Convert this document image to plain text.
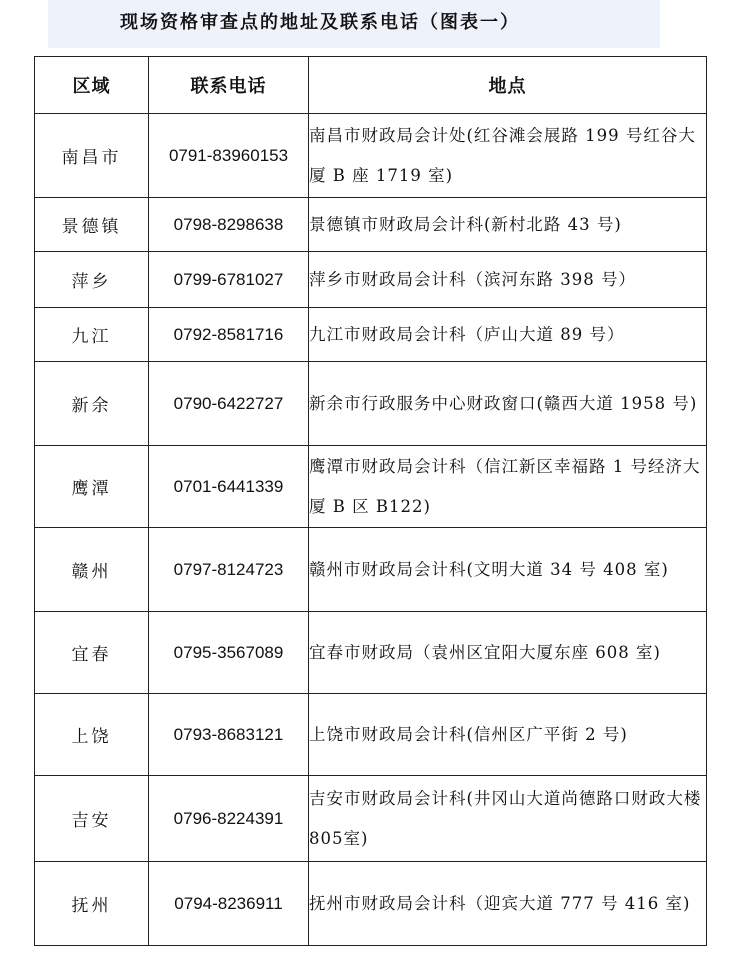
现场资格审查点的地址及联系电话（图表一）
区域	联系电话	地点
南昌市	0791-83960153	南昌市财政局会计处(红谷滩会展路 199 号红谷大厦 B 座 1719 室)
景德镇	0798-8298638	景德镇市财政局会计科(新村北路 43 号)
萍乡	0799-6781027	萍乡市财政局会计科（滨河东路 398 号）
九江	0792-8581716	九江市财政局会计科（庐山大道 89 号）
新余	0790-6422727	新余市行政服务中心财政窗口(赣西大道 1958 号)
鹰潭	0701-6441339	鹰潭市财政局会计科（信江新区幸福路 1 号经济大厦 B 区 B122)
赣州	0797-8124723	赣州市财政局会计科(文明大道 34 号 408 室)
宜春	0795-3567089	宜春市财政局（袁州区宜阳大厦东座 608 室)
上饶	0793-8683121	上饶市财政局会计科(信州区广平街 2 号)
吉安	0796-8224391	吉安市财政局会计科(井冈山大道尚德路口财政大楼805室)
抚州	0794-8236911	抚州市财政局会计科（迎宾大道 777 号 416 室)
